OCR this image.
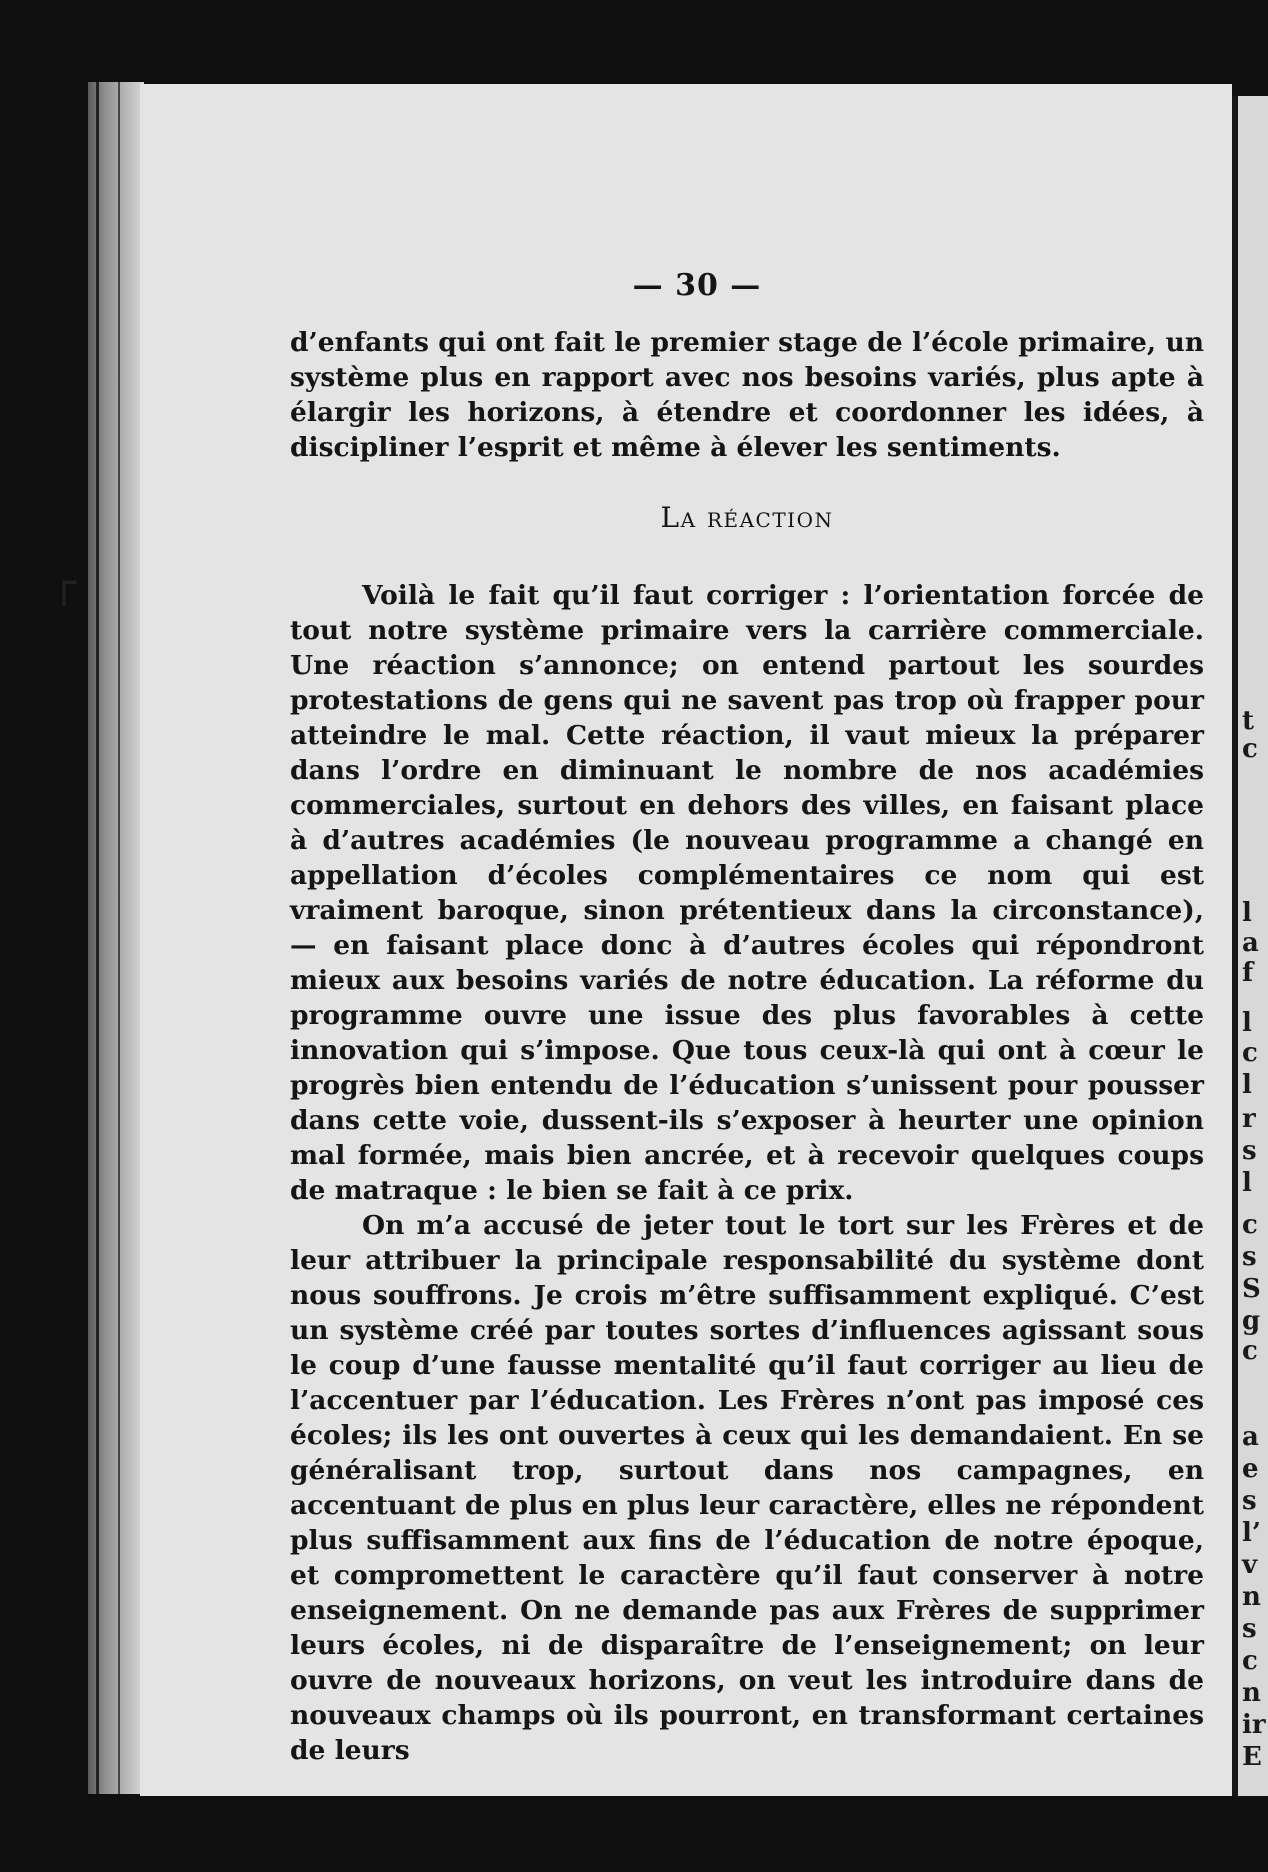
┌
t
c
l
a
f
l
c
l
r
s
l
c
s
S
g
c
a
e
s
l’
v
n
s
c
n
ir
E
— 30 —

d’enfants qui ont fait le premier stage de l’école primaire, un système plus en rapport avec nos besoins variés, plus apte à élargir les horizons, à étendre et coordonner les idées, à discipliner l’esprit et même à élever les sentiments.

La réaction

Voilà le fait qu’il faut corriger : l’orientation forcée de tout notre système primaire vers la carrière commerciale. Une réaction s’annonce; on entend partout les sourdes protestations de gens qui ne savent pas trop où frapper pour atteindre le mal. Cette réaction, il vaut mieux la préparer dans l’ordre en diminuant le nombre de nos académies commerciales, surtout en dehors des villes, en faisant place à d’autres académies (le nouveau programme a changé en appellation d’écoles complémentaires ce nom qui est vraiment baroque, sinon prétentieux dans la circonstance), — en faisant place donc à d’autres écoles qui répondront mieux aux besoins variés de notre éducation. La réforme du programme ouvre une issue des plus favorables à cette innovation qui s’impose. Que tous ceux-là qui ont à cœur le progrès bien entendu de l’éducation s’unissent pour pousser dans cette voie, dussent-ils s’exposer à heurter une opinion mal formée, mais bien ancrée, et à recevoir quelques coups de matraque : le bien se fait à ce prix.

On m’a accusé de jeter tout le tort sur les Frères et de leur attribuer la principale responsabilité du système dont nous souffrons. Je crois m’être suffisamment expliqué. C’est un système créé par toutes sortes d’influences agissant sous le coup d’une fausse mentalité qu’il faut corriger au lieu de l’accentuer par l’éducation. Les Frères n’ont pas imposé ces écoles; ils les ont ouvertes à ceux qui les demandaient. En se généralisant trop, surtout dans nos campagnes, en accentuant de plus en plus leur caractère, elles ne répondent plus suffisamment aux fins de l’éducation de notre époque, et compromettent le caractère qu’il faut conserver à notre enseignement. On ne demande pas aux Frères de supprimer leurs écoles, ni de disparaître de l’enseignement; on leur ouvre de nouveaux horizons, on veut les introduire dans de nouveaux champs où ils pourront, en transformant certaines de leurs
